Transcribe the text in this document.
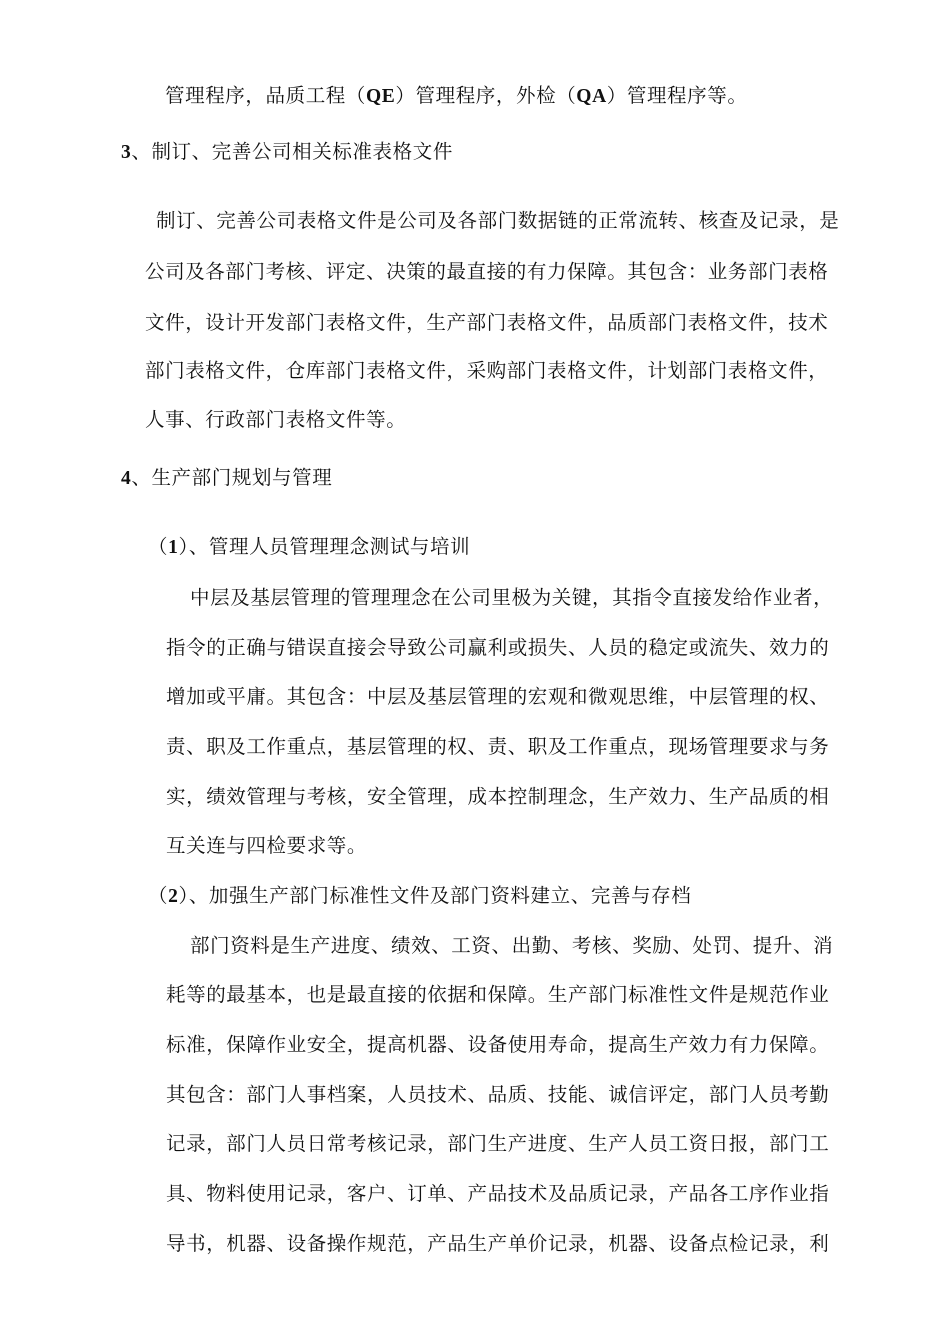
管理程序，品质工程（QE）管理程序，外检（QA）管理程序等。
3、制订、完善公司相关标准表格文件
制订、完善公司表格文件是公司及各部门数据链的正常流转、核查及记录，是
公司及各部门考核、评定、决策的最直接的有力保障。其包含：业务部门表格
文件，设计开发部门表格文件，生产部门表格文件，品质部门表格文件，技术
部门表格文件，仓库部门表格文件，采购部门表格文件，计划部门表格文件，
人事、行政部门表格文件等。
4、生产部门规划与管理
（1）、管理人员管理理念测试与培训
中层及基层管理的管理理念在公司里极为关键，其指令直接发给作业者，
指令的正确与错误直接会导致公司赢利或损失、人员的稳定或流失、效力的
增加或平庸。其包含：中层及基层管理的宏观和微观思维，中层管理的权、
责、职及工作重点，基层管理的权、责、职及工作重点，现场管理要求与务
实，绩效管理与考核，安全管理，成本控制理念，生产效力、生产品质的相
互关连与四检要求等。
（2）、加强生产部门标准性文件及部门资料建立、完善与存档
部门资料是生产进度、绩效、工资、出勤、考核、奖励、处罚、提升、消
耗等的最基本，也是最直接的依据和保障。生产部门标准性文件是规范作业
标准，保障作业安全，提高机器、设备使用寿命，提高生产效力有力保障。
其包含：部门人事档案，人员技术、品质、技能、诚信评定，部门人员考勤
记录，部门人员日常考核记录，部门生产进度、生产人员工资日报，部门工
具、物料使用记录，客户、订单、产品技术及品质记录，产品各工序作业指
导书，机器、设备操作规范，产品生产单价记录，机器、设备点检记录，利
